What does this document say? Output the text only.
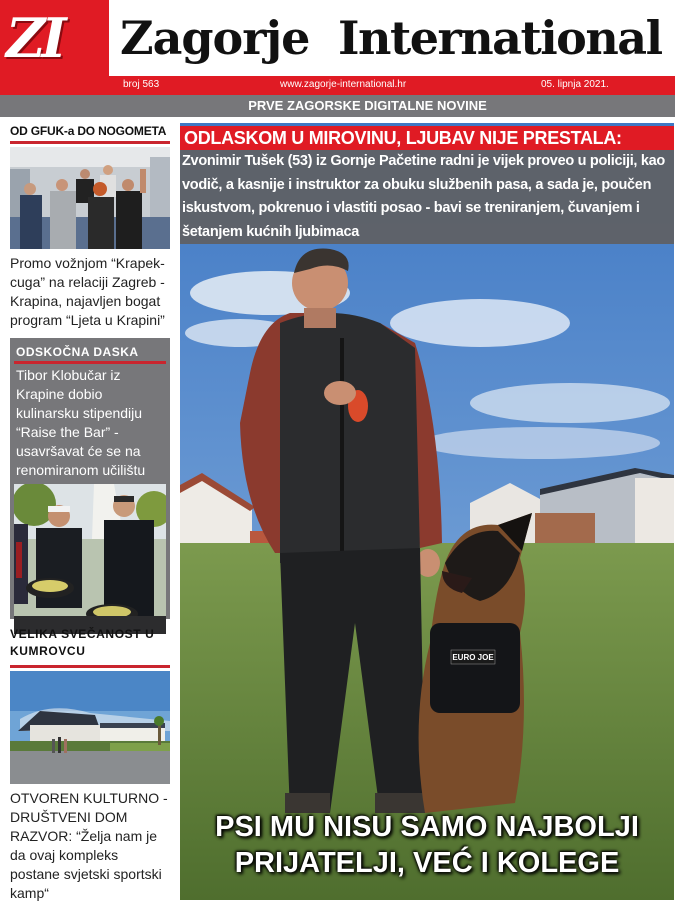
ZI	Zagorje International
broj 563	www.zagorje-international.hr	05. lipnja 2021.
PRVE ZAGORSKE DIGITALNE NOVINE
OD GFUK-a DO NOGOMETA
Promo vožnjom “Krapek-cuga” na relaciji Zagreb - Krapina, najavljen bogat program “Ljeta u Krapini”
ODSKOČNA DASKA
Tibor Klobučar iz Krapine dobio kulinarsku stipendiju “Raise the Bar” - usavršavat će se na renomiranom učilištu
VELIKA SVEČANOST U KUMROVCU
OTVOREN KULTURNO - DRUŠTVENI DOM RAZVOR: “Želja nam je da ovaj kompleks postane svjetski sportski kamp“
EURO JOE
ODLASKOM U MIROVINU, LJUBAV NIJE PRESTALA:
Zvonimir Tušek (53) iz Gornje Pačetine radni je vijek proveo u policiji, kao vodič, a kasnije i instruktor za obuku službenih pasa, a sada je, poučen iskustvom, pokrenuo i vlastiti posao - bavi se treniranjem, čuvanjem i šetanjem kućnih ljubimaca
PSI MU NISU SAMO NAJBOLJI
PRIJATELJI, VEĆ I KOLEGE
